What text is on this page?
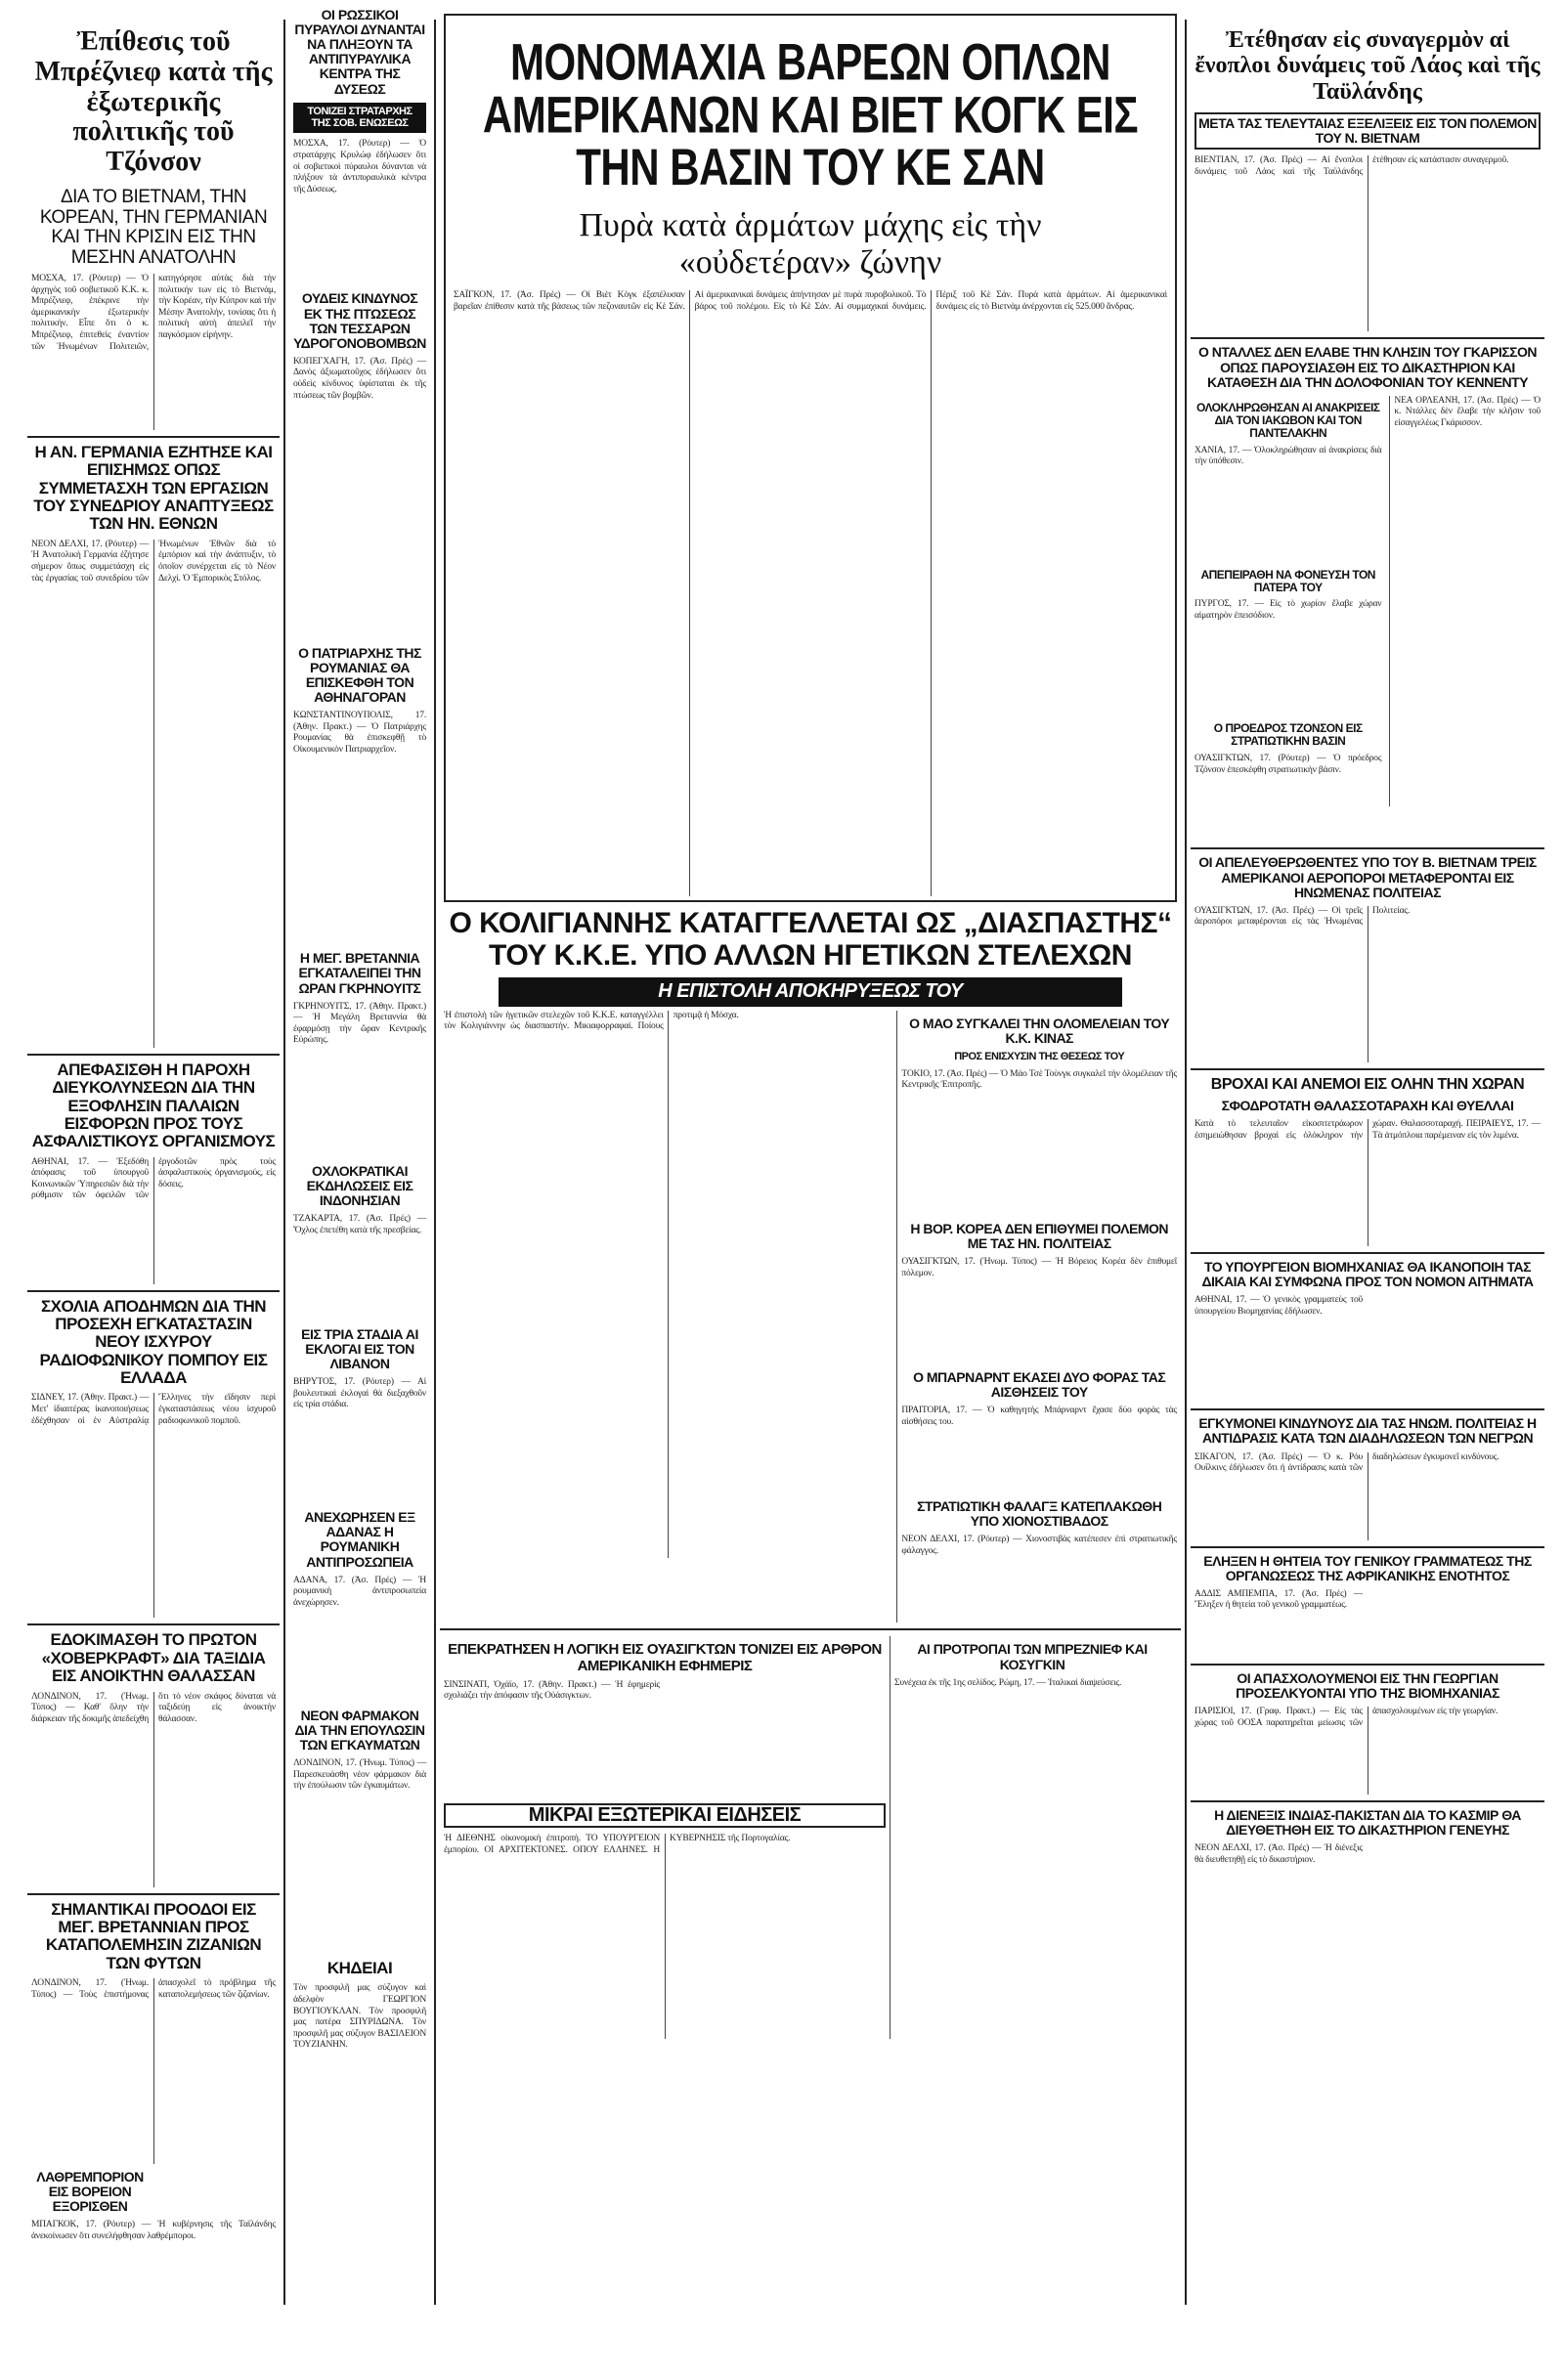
Ἐπίθεσις τοῦ Μπρέζνιεφ κατὰ τῆς ἐξωτερικῆς πολιτικῆς τοῦ Τζόνσον
ΔΙΑ ΤΟ ΒΙΕΤΝΑΜ, ΤΗΝ ΚΟΡΕΑΝ, ΤΗΝ ΓΕΡΜΑΝΙΑΝ ΚΑΙ ΤΗΝ ΚΡΙΣΙΝ ΕΙΣ ΤΗΝ ΜΕΣΗΝ ΑΝΑΤΟΛΗΝ
ΜΟΣΧΑ, 17. (Ρόυτερ) — Ὁ ἀρχηγὸς τοῦ σοβιετικοῦ Κ.Κ. κ. Μπρέζνιεφ, ἐπέκρινε τὴν ἀμερικανικὴν ἐξωτερικὴν πολιτικήν. Εἶπε ὅτι ὁ κ. Μπρέζνιεφ, ἐπιτεθεὶς ἐναντίον τῶν Ἡνωμένων Πολιτειῶν, κατηγόρησε αὐτὰς διὰ τὴν πολιτικήν των εἰς τὸ Βιετνάμ, τὴν Κορέαν, τὴν Κύπρον καὶ τὴν Μέσην Ἀνατολήν, τονίσας ὅτι ἡ πολιτικὴ αὐτὴ ἀπειλεῖ τὴν παγκόσμιον εἰρήνην.
Η ΑΝ. ΓΕΡΜΑΝΙΑ ΕΖΗΤΗΣΕ ΚΑΙ ΕΠΙΣΗΜΩΣ ΟΠΩΣ ΣΥΜΜΕΤΑΣΧΗ ΤΩΝ ΕΡΓΑΣΙΩΝ ΤΟΥ ΣΥΝΕΔΡΙΟΥ ΑΝΑΠΤΥΞΕΩΣ ΤΩΝ ΗΝ. ΕΘΝΩΝ
ΝΕΟΝ ΔΕΛΧΙ, 17. (Ρόυτερ) — Ἡ Ἀνατολικὴ Γερμανία ἐζήτησε σήμερον ὅπως συμμετάσχη εἰς τὰς ἐργασίας τοῦ συνεδρίου τῶν Ἡνωμένων Ἐθνῶν διὰ τὸ ἐμπόριον καὶ τὴν ἀνάπτυξιν, τὸ ὁποῖον συνέρχεται εἰς τὸ Νέον Δελχί. Ὁ Ἐμπορικὸς Στόλος.
ΑΠΕΦΑΣΙΣΘΗ Η ΠΑΡΟΧΗ ΔΙΕΥΚΟΛΥΝΣΕΩΝ ΔΙΑ ΤΗΝ ΕΞΟΦΛΗΣΙΝ ΠΑΛΑΙΩΝ ΕΙΣΦΟΡΩΝ ΠΡΟΣ ΤΟΥΣ ΑΣΦΑΛΙΣΤΙΚΟΥΣ ΟΡΓΑΝΙΣΜΟΥΣ
ΑΘΗΝΑΙ, 17. — Ἐξεδόθη ἀπόφασις τοῦ ὑπουργοῦ Κοινωνικῶν Ὑπηρεσιῶν διὰ τὴν ρύθμισιν τῶν ὀφειλῶν τῶν ἐργοδοτῶν πρὸς τοὺς ἀσφαλιστικοὺς ὀργανισμούς, εἰς δόσεις.
ΣΧΟΛΙΑ ΑΠΟΔΗΜΩΝ ΔΙΑ ΤΗΝ ΠΡΟΣΕΧΗ ΕΓΚΑΤΑΣΤΑΣΙΝ ΝΕΟΥ ΙΣΧΥΡΟΥ ΡΑΔΙΟΦΩΝΙΚΟΥ ΠΟΜΠΟΥ ΕΙΣ ΕΛΛΑΔΑ
ΣΙΔΝΕΥ, 17. (Ἀθην. Πρακτ.) — Μετ' ἰδιαιτέρας ἱκανοποιήσεως ἐδέχθησαν οἱ ἐν Αὐστραλίᾳ Ἕλληνες τὴν εἴδησιν περὶ ἐγκαταστάσεως νέου ἰσχυροῦ ραδιοφωνικοῦ πομποῦ.
ΕΔΟΚΙΜΑΣΘΗ ΤΟ ΠΡΩΤΟΝ «ΧΟΒΕΡΚΡΑΦΤ» ΔΙΑ ΤΑΞΙΔΙΑ ΕΙΣ ΑΝΟΙΚΤΗΝ ΘΑΛΑΣΣΑΝ
ΛΟΝΔΙΝΟΝ, 17. (Ἠνωμ. Τύπος) — Καθ' ὅλην τὴν διάρκειαν τῆς δοκιμῆς ἀπεδείχθη ὅτι τὸ νέον σκάφος δύναται νὰ ταξιδεύῃ εἰς ἀνοικτὴν θάλασσαν.
ΣΗΜΑΝΤΙΚΑΙ ΠΡΟΟΔΟΙ ΕΙΣ ΜΕΓ. ΒΡΕΤΑΝΝΙΑΝ ΠΡΟΣ ΚΑΤΑΠΟΛΕΜΗΣΙΝ ΖΙΖΑΝΙΩΝ ΤΩΝ ΦΥΤΩΝ
ΛΟΝΔΙΝΟΝ, 17. (Ἠνωμ. Τύπος) — Τοὺς ἐπιστήμονας ἀπασχολεῖ τὸ πρόβλημα τῆς καταπολεμήσεως τῶν ζιζανίων.
ΛΑΘΡΕΜΠΟΡΙΟΝ ΕΙΣ ΒΟΡΕΙΟΝ ΕΞΟΡΙΣΘΕΝ
ΜΠΑΓΚΟΚ, 17. (Ρόυτερ) — Ἡ κυβέρνησις τῆς Ταϊλάνδης ἀνεκοίνωσεν ὅτι συνελήφθησαν λαθρέμποροι.
ΟΙ ΡΩΣΣΙΚΟΙ ΠΥΡΑΥΛΟΙ ΔΥΝΑΝΤΑΙ ΝΑ ΠΛΗΞΟΥΝ ΤΑ ΑΝΤΙΠΥΡΑΥΛΙΚΑ ΚΕΝΤΡΑ ΤΗΣ ΔΥΣΕΩΣ
ΤΟΝΙΖΕΙ ΣΤΡΑΤΑΡΧΗΣ ΤΗΣ ΣΟΒ. ΕΝΩΣΕΩΣ
ΜΟΣΧΑ, 17. (Ρόυτερ) — Ὁ στρατάρχης Κρυλώφ ἐδήλωσεν ὅτι οἱ σοβιετικοὶ πύραυλοι δύνανται νὰ πλήξουν τὰ ἀντιπυραυλικὰ κέντρα τῆς Δύσεως.
ΟΥΔΕΙΣ ΚΙΝΔΥΝΟΣ ΕΚ ΤΗΣ ΠΤΩΣΕΩΣ ΤΩΝ ΤΕΣΣΑΡΩΝ ΥΔΡΟΓΟΝΟΒΟΜΒΩΝ
ΚΟΠΕΓΧΑΓΗ, 17. (Ἀσ. Πρές) — Δανὸς ἀξιωματοῦχος ἐδήλωσεν ὅτι οὐδεὶς κίνδυνος ὑφίσταται ἐκ τῆς πτώσεως τῶν βομβῶν.
Ο ΠΑΤΡΙΑΡΧΗΣ ΤΗΣ ΡΟΥΜΑΝΙΑΣ ΘΑ ΕΠΙΣΚΕΦΘΗ ΤΟΝ ΑΘΗΝΑΓΟΡΑΝ
ΚΩΝΣΤΑΝΤΙΝΟΥΠΟΛΙΣ, 17. (Ἀθην. Πρακτ.) — Ὁ Πατριάρχης Ρουμανίας θὰ ἐπισκεφθῇ τὸ Οἰκουμενικὸν Πατριαρχεῖον.
Η ΜΕΓ. ΒΡΕΤΑΝΝΙΑ ΕΓΚΑΤΑΛΕΙΠΕΙ ΤΗΝ ΩΡΑΝ ΓΚΡΗΝΟΥΙΤΣ
ΓΚΡΗΝΟΥΙΤΣ, 17. (Ἀθην. Πρακτ.) — Ἡ Μεγάλη Βρεταννία θὰ ἐφαρμόσῃ τὴν ὥραν Κεντρικῆς Εὐρώπης.
ΟΧΛΟΚΡΑΤΙΚΑΙ ΕΚΔΗΛΩΣΕΙΣ ΕΙΣ ΙΝΔΟΝΗΣΙΑΝ
ΤΖΑΚΑΡΤΑ, 17. (Ἀσ. Πρές) — Ὄχλος ἐπετέθη κατὰ τῆς πρεσβείας.
ΕΙΣ ΤΡΙΑ ΣΤΑΔΙΑ ΑΙ ΕΚΛΟΓΑΙ ΕΙΣ ΤΟΝ ΛΙΒΑΝΟΝ
ΒΗΡΥΤΟΣ, 17. (Ρόυτερ) — Αἱ βουλευτικαὶ ἐκλογαὶ θὰ διεξαχθοῦν εἰς τρία στάδια.
ΑΝΕΧΩΡΗΣΕΝ ΕΞ ΑΔΑΝΑΣ Η ΡΟΥΜΑΝΙΚΗ ΑΝΤΙΠΡΟΣΩΠΕΙΑ
ΑΔΑΝΑ, 17. (Ἀσ. Πρές) — Ἡ ρουμανικὴ ἀντιπροσωπεία ἀνεχώρησεν.
ΝΕΟΝ ΦΑΡΜΑΚΟΝ ΔΙΑ ΤΗΝ ΕΠΟΥΛΩΣΙΝ ΤΩΝ ΕΓΚΑΥΜΑΤΩΝ
ΛΟΝΔΙΝΟΝ, 17. (Ἠνωμ. Τύπος) — Παρεσκευάσθη νέον φάρμακον διὰ τὴν ἐπούλωσιν τῶν ἐγκαυμάτων.
ΚΗΔΕΙΑΙ
Τὸν προσφιλῆ μας σύζυγον καὶ ἀδελφὸν ΓΕΩΡΓΙΟΝ ΒΟΥΓΙΟΥΚΛΑΝ. Τὸν προσφιλῆ μας πατέρα ΣΠΥΡΙΔΩΝΑ. Τὸν προσφιλῆ μας σύζυγον ΒΑΣΙΛΕΙΟΝ ΤΟΥΖΙΑΝΗΝ.
ΜΟΝΟΜΑΧΙΑ ΒΑΡΕΩΝ ΟΠΛΩΝ ΑΜΕΡΙΚΑΝΩΝ ΚΑΙ ΒΙΕΤ ΚΟΓΚ ΕΙΣ ΤΗΝ ΒΑΣΙΝ ΤΟΥ ΚΕ ΣΑΝ
Πυρὰ κατὰ ἁρμάτων μάχης εἰς τὴν «οὐδετέραν» ζώνην
ΣΑΪΓΚΟΝ, 17. (Ἀσ. Πρές) — Οἱ Βιὲτ Κὸγκ ἐξαπέλυσαν βαρεῖαν ἐπίθεσιν κατὰ τῆς βάσεως τῶν πεζοναυτῶν εἰς Κὲ Σάν. Αἱ ἀμερικανικαὶ δυνάμεις ἀπήντησαν μὲ πυρὰ πυροβολικοῦ. Τὸ βάρος τοῦ πολέμου. Εἰς τὸ Κὲ Σάν. Αἱ συμμαχικαὶ δυνάμεις. Πέριξ τοῦ Κὲ Σάν. Πυρὰ κατὰ ἁρμάτων. Αἱ ἀμερικανικαὶ δυνάμεις εἰς τὸ Βιετνὰμ ἀνέρχονται εἰς 525.000 ἄνδρας.
Ο ΚΟΛΙΓΙΑΝΝΗΣ ΚΑΤΑΓΓΕΛΛΕΤΑΙ ΩΣ „ΔΙΑΣΠΑΣΤΗΣ“ ΤΟΥ Κ.Κ.Ε. ΥΠΟ ΑΛΛΩΝ ΗΓΕΤΙΚΩΝ ΣΤΕΛΕΧΩΝ
Η ΕΠΙΣΤΟΛΗ ΑΠΟΚΗΡΥΞΕΩΣ ΤΟΥ
Ἡ ἐπιστολὴ τῶν ἡγετικῶν στελεχῶν τοῦ Κ.Κ.Ε. καταγγέλλει τὸν Κολιγιάννην ὡς διασπαστήν. Μικιαφορραφαί. Ποίους προτιμᾷ ἡ Μόσχα.	Ο ΜΑΟ ΣΥΓΚΑΛΕΙ ΤΗΝ ΟΛΟΜΕΛΕΙΑΝ ΤΟΥ Κ.Κ. ΚΙΝΑΣ
ΠΡΟΣ ΕΝΙΣΧΥΣΙΝ ΤΗΣ ΘΕΣΕΩΣ ΤΟΥ
ΤΟΚΙΟ, 17. (Ἀσ. Πρές) — Ὁ Μάο Τσὲ Τοὺνγκ συγκαλεῖ τὴν ὁλομέλειαν τῆς Κεντρικῆς Ἐπιτροπῆς.
Η ΒΟΡ. ΚΟΡΕΑ ΔΕΝ ΕΠΙΘΥΜΕΙ ΠΟΛΕΜΟΝ ΜΕ ΤΑΣ ΗΝ. ΠΟΛΙΤΕΙΑΣ
ΟΥΑΣΙΓΚΤΩΝ, 17. (Ἠνωμ. Τύπος) — Ἡ Βόρειος Κορέα δὲν ἐπιθυμεῖ πόλεμον.
Ο ΜΠΑΡΝΑΡΝΤ ΕΚΑΣΕΙ ΔΥΟ ΦΟΡΑΣ ΤΑΣ ΑΙΣΘΗΣΕΙΣ ΤΟΥ
ΠΡΑΙΤΟΡΙΑ, 17. — Ὁ καθηγητὴς Μπάρναρντ ἔχασε δύο φορὰς τὰς αἰσθήσεις του.
ΣΤΡΑΤΙΩΤΙΚΗ ΦΑΛΑΓΞ ΚΑΤΕΠΛΑΚΩΘΗ ΥΠΟ ΧΙΟΝΟΣΤΙΒΑΔΟΣ
ΝΕΟΝ ΔΕΛΧΙ, 17. (Ρόυτερ) — Χιονοστιβὰς κατέπεσεν ἐπὶ στρατιωτικῆς φάλαγγος.
ΕΠΕΚΡΑΤΗΣΕΝ Η ΛΟΓΙΚΗ ΕΙΣ ΟΥΑΣΙΓΚΤΩΝ ΤΟΝΙΖΕΙ ΕΙΣ ΑΡΘΡΟΝ ΑΜΕΡΙΚΑΝΙΚΗ ΕΦΗΜΕΡΙΣ
ΣΙΝΣΙΝΑΤΙ, Ὀχάϊο, 17. (Ἀθην. Πρακτ.) — Ἡ ἐφημερὶς σχολιάζει τὴν ἀπόφασιν τῆς Οὐάσιγκτων.
ΜΙΚΡΑΙ ΕΞΩΤΕΡΙΚΑΙ ΕΙΔΗΣΕΙΣ
Ἡ ΔΙΕΘΝΗΣ οἰκονομικὴ ἐπιτροπή. ΤΟ ΥΠΟΥΡΓΕΙΟΝ ἐμπορίου. ΟΙ ΑΡΧΙΤΕΚΤΟΝΕΣ. ΟΠΟΥ ΕΛΛΗΝΕΣ. Η ΚΥΒΕΡΝΗΣΙΣ τῆς Πορτογαλίας.
ΑΙ ΠΡΟΤΡΟΠΑΙ ΤΩΝ ΜΠΡΕΖΝΙΕΦ ΚΑΙ ΚΟΣΥΓΚΙΝ
Συνέχεια ἐκ τῆς 1ης σελίδος. Ρώμη, 17. — Ἰταλικαὶ διαψεύσεις.
Ἐτέθησαν εἰς συναγερμὸν αἱ ἔνοπλοι δυνάμεις τοῦ Λάος καὶ τῆς Ταϋλάνδης
ΜΕΤΑ ΤΑΣ ΤΕΛΕΥΤΑΙΑΣ ΕΞΕΛΙΞΕΙΣ ΕΙΣ ΤΟΝ ΠΟΛΕΜΟΝ ΤΟΥ Ν. ΒΙΕΤΝΑΜ
ΒΙΕΝΤΙΑΝ, 17. (Ἀσ. Πρές) — Αἱ ἔνοπλοι δυνάμεις τοῦ Λάος καὶ τῆς Ταϋλάνδης ἐτέθησαν εἰς κατάστασιν συναγερμοῦ.
Ο ΝΤΑΛΛΕΣ ΔΕΝ ΕΛΑΒΕ ΤΗΝ ΚΛΗΣΙΝ ΤΟΥ ΓΚΑΡΙΣΣΟΝ ΟΠΩΣ ΠΑΡΟΥΣΙΑΣΘΗ ΕΙΣ ΤΟ ΔΙΚΑΣΤΗΡΙΟΝ ΚΑΙ ΚΑΤΑΘΕΣΗ ΔΙΑ ΤΗΝ ΔΟΛΟΦΟΝΙΑΝ ΤΟΥ ΚΕΝΝΕΝΤΥ
ΟΛΟΚΛΗΡΩΘΗΣΑΝ ΑΙ ΑΝΑΚΡΙΣΕΙΣ ΔΙΑ ΤΟΝ ΙΑΚΩΒΟΝ ΚΑΙ ΤΟΝ ΠΑΝΤΕΛΑΚΗΝ
ΧΑΝΙΑ, 17. — Ὁλοκληρώθησαν αἱ ἀνακρίσεις διὰ τὴν ὑπόθεσιν.
ΑΠΕΠΕΙΡΑΘΗ ΝΑ ΦΟΝΕΥΣΗ ΤΟΝ ΠΑΤΕΡΑ ΤΟΥ
ΠΥΡΓΟΣ, 17. — Εἰς τὸ χωρίον ἔλαβε χώραν αἱματηρὸν ἐπεισόδιον.
Ο ΠΡΟΕΔΡΟΣ ΤΖΟΝΣΟΝ ΕΙΣ ΣΤΡΑΤΙΩΤΙΚΗΝ ΒΑΣΙΝ
ΟΥΑΣΙΓΚΤΩΝ, 17. (Ρόυτερ) — Ὁ πρόεδρος Τζόνσον ἐπεσκέφθη στρατιωτικὴν βάσιν.
ΝΕΑ ΟΡΛΕΑΝΗ, 17. (Ἀσ. Πρές) — Ὁ κ. Ντάλλες δὲν ἔλαβε τὴν κλῆσιν τοῦ εἰσαγγελέως Γκάρισσον.
ΟΙ ΑΠΕΛΕΥΘΕΡΩΘΕΝΤΕΣ ΥΠΟ ΤΟΥ Β. ΒΙΕΤΝΑΜ ΤΡΕΙΣ ΑΜΕΡΙΚΑΝΟΙ ΑΕΡΟΠΟΡΟΙ ΜΕΤΑΦΕΡΟΝΤΑΙ ΕΙΣ ΗΝΩΜΕΝΑΣ ΠΟΛΙΤΕΙΑΣ
ΟΥΑΣΙΓΚΤΩΝ, 17. (Ἀσ. Πρές) — Οἱ τρεῖς ἀεροπόροι μεταφέρονται εἰς τὰς Ἡνωμένας Πολιτείας.
ΒΡΟΧΑΙ ΚΑΙ ΑΝΕΜΟΙ ΕΙΣ ΟΛΗΝ ΤΗΝ ΧΩΡΑΝ
ΣΦΟΔΡΟΤΑΤΗ ΘΑΛΑΣΣΟΤΑΡΑΧΗ ΚΑΙ ΘΥΕΛΛΑΙ
Κατὰ τὸ τελευταῖον εἰκοσιτετράωρον ἐσημειώθησαν βροχαὶ εἰς ὁλόκληρον τὴν χώραν. Θαλασσοταραχή. ΠΕΙΡΑΙΕΥΣ, 17. — Τὰ ἀτμόπλοια παρέμειναν εἰς τὸν λιμένα.
ΤΟ ΥΠΟΥΡΓΕΙΟΝ ΒΙΟΜΗΧΑΝΙΑΣ ΘΑ ΙΚΑΝΟΠΟΙΗ ΤΑΣ ΔΙΚΑΙΑ ΚΑΙ ΣΥΜΦΩΝΑ ΠΡΟΣ ΤΟΝ ΝΟΜΟΝ ΑΙΤΗΜΑΤΑ
ΑΘΗΝΑΙ, 17. — Ὁ γενικὸς γραμματεὺς τοῦ ὑπουργείου Βιομηχανίας ἐδήλωσεν.
ΕΓΚΥΜΟΝΕΙ ΚΙΝΔΥΝΟΥΣ ΔΙΑ ΤΑΣ ΗΝΩΜ. ΠΟΛΙΤΕΙΑΣ Η ΑΝΤΙΔΡΑΣΙΣ ΚΑΤΑ ΤΩΝ ΔΙΑΔΗΛΩΣΕΩΝ ΤΩΝ ΝΕΓΡΩΝ
ΣΙΚΑΓΟΝ, 17. (Ἀσ. Πρές) — Ὁ κ. Ρόυ Ουΐλκινς ἐδήλωσεν ὅτι ἡ ἀντίδρασις κατὰ τῶν διαδηλώσεων ἐγκυμονεῖ κινδύνους.
ΕΛΗΞΕΝ Η ΘΗΤΕΙΑ ΤΟΥ ΓΕΝΙΚΟΥ ΓΡΑΜΜΑΤΕΩΣ ΤΗΣ ΟΡΓΑΝΩΣΕΩΣ ΤΗΣ ΑΦΡΙΚΑΝΙΚΗΣ ΕΝΟΤΗΤΟΣ
ΑΔΔΙΣ ΑΜΠΕΜΠΑ, 17. (Ἀσ. Πρές) — Ἔληξεν ἡ θητεία τοῦ γενικοῦ γραμματέως.
ΟΙ ΑΠΑΣΧΟΛΟΥΜΕΝΟΙ ΕΙΣ ΤΗΝ ΓΕΩΡΓΙΑΝ ΠΡΟΣΕΛΚΥΟΝΤΑΙ ΥΠΟ ΤΗΣ ΒΙΟΜΗΧΑΝΙΑΣ
ΠΑΡΙΣΙΟΙ, 17. (Γραφ. Πρακτ.) — Εἰς τὰς χώρας τοῦ ΟΟΣΑ παρατηρεῖται μείωσις τῶν ἀπασχολουμένων εἰς τὴν γεωργίαν.
Η ΔΙΕΝΕΞΙΣ ΙΝΔΙΑΣ-ΠΑΚΙΣΤΑΝ ΔΙΑ ΤΟ ΚΑΣΜΙΡ ΘΑ ΔΙΕΥΘΕΤΗΘΗ ΕΙΣ ΤΟ ΔΙΚΑΣΤΗΡΙΟΝ ΓΕΝΕΥΗΣ
ΝΕΟΝ ΔΕΛΧΙ, 17. (Ἀσ. Πρές) — Ἡ διένεξις θὰ διευθετηθῇ εἰς τὸ δικαστήριον.
